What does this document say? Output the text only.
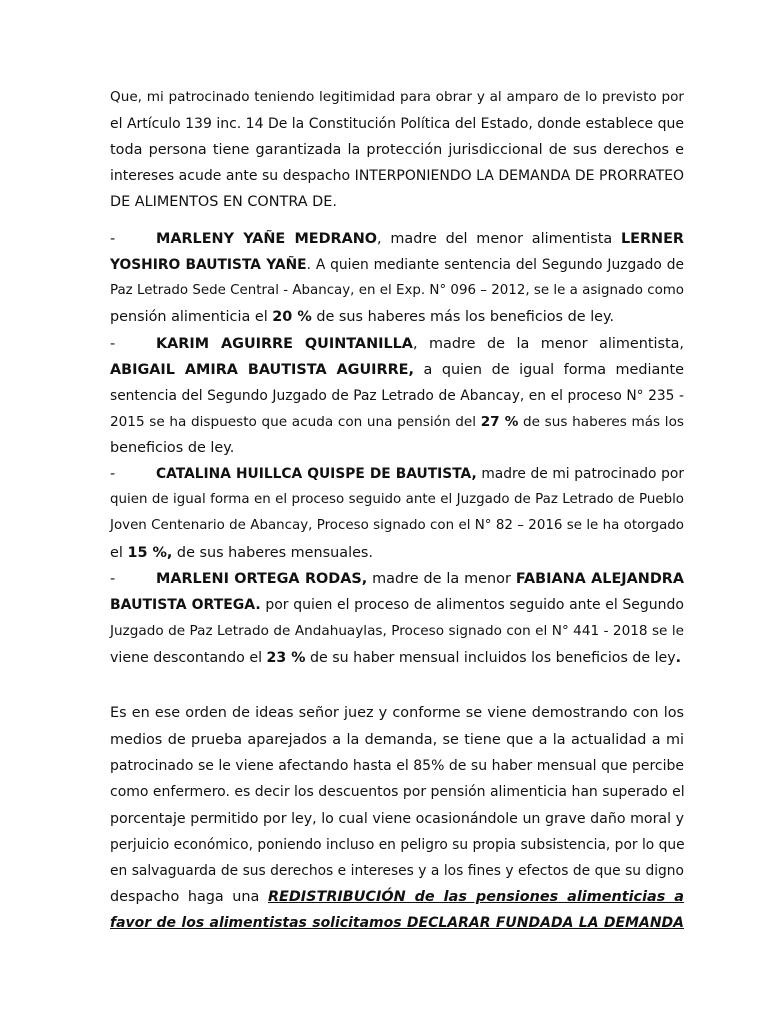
Que, mi patrocinado teniendo legitimidad para obrar y al amparo de lo previsto por
el Artículo 139 inc. 14 De la Constitución Política del Estado, donde establece que
toda persona tiene garantizada la protección jurisdiccional de sus derechos e
intereses acude ante su despacho INTERPONIENDO LA DEMANDA DE PRORRATEO
DE ALIMENTOS EN CONTRA DE.
-	MARLENY YAÑE MEDRANO, madre del menor alimentista LERNER
YOSHIRO BAUTISTA YAÑE. A quien mediante sentencia del Segundo Juzgado de
Paz Letrado Sede Central - Abancay, en el Exp. N° 096 – 2012, se le a asignado como
pensión alimenticia el 20 % de sus haberes más los beneficios de ley.
-	KARIM AGUIRRE QUINTANILLA, madre de la menor alimentista,
ABIGAIL AMIRA BAUTISTA AGUIRRE, a quien de igual forma mediante
sentencia del Segundo Juzgado de Paz Letrado de Abancay, en el proceso N° 235 -
2015 se ha dispuesto que acuda con una pensión del 27 % de sus haberes más los
beneficios de ley.
-	CATALINA HUILLCA QUISPE DE BAUTISTA, madre de mi patrocinado por
quien de igual forma en el proceso seguido ante el Juzgado de Paz Letrado de Pueblo
Joven Centenario de Abancay, Proceso signado con el N° 82 – 2016 se le ha otorgado
el 15 %, de sus haberes mensuales.
-	MARLENI ORTEGA RODAS, madre de la menor FABIANA ALEJANDRA
BAUTISTA ORTEGA. por quien el proceso de alimentos seguido ante el Segundo
Juzgado de Paz Letrado de Andahuaylas, Proceso signado con el N° 441 - 2018 se le
viene descontando el 23 % de su haber mensual incluidos los beneficios de ley.
Es en ese orden de ideas señor juez y conforme se viene demostrando con los
medios de prueba aparejados a la demanda, se tiene que a la actualidad a mi
patrocinado se le viene afectando hasta el 85% de su haber mensual que percibe
como enfermero. es decir los descuentos por pensión alimenticia han superado el
porcentaje permitido por ley, lo cual viene ocasionándole un grave daño moral y
perjuicio económico, poniendo incluso en peligro su propia subsistencia, por lo que
en salvaguarda de sus derechos e intereses y a los fines y efectos de que su digno
despacho haga una REDISTRIBUCIÓN de las pensiones alimenticias a
favor de los alimentistas solicitamos DECLARAR FUNDADA LA DEMANDA
